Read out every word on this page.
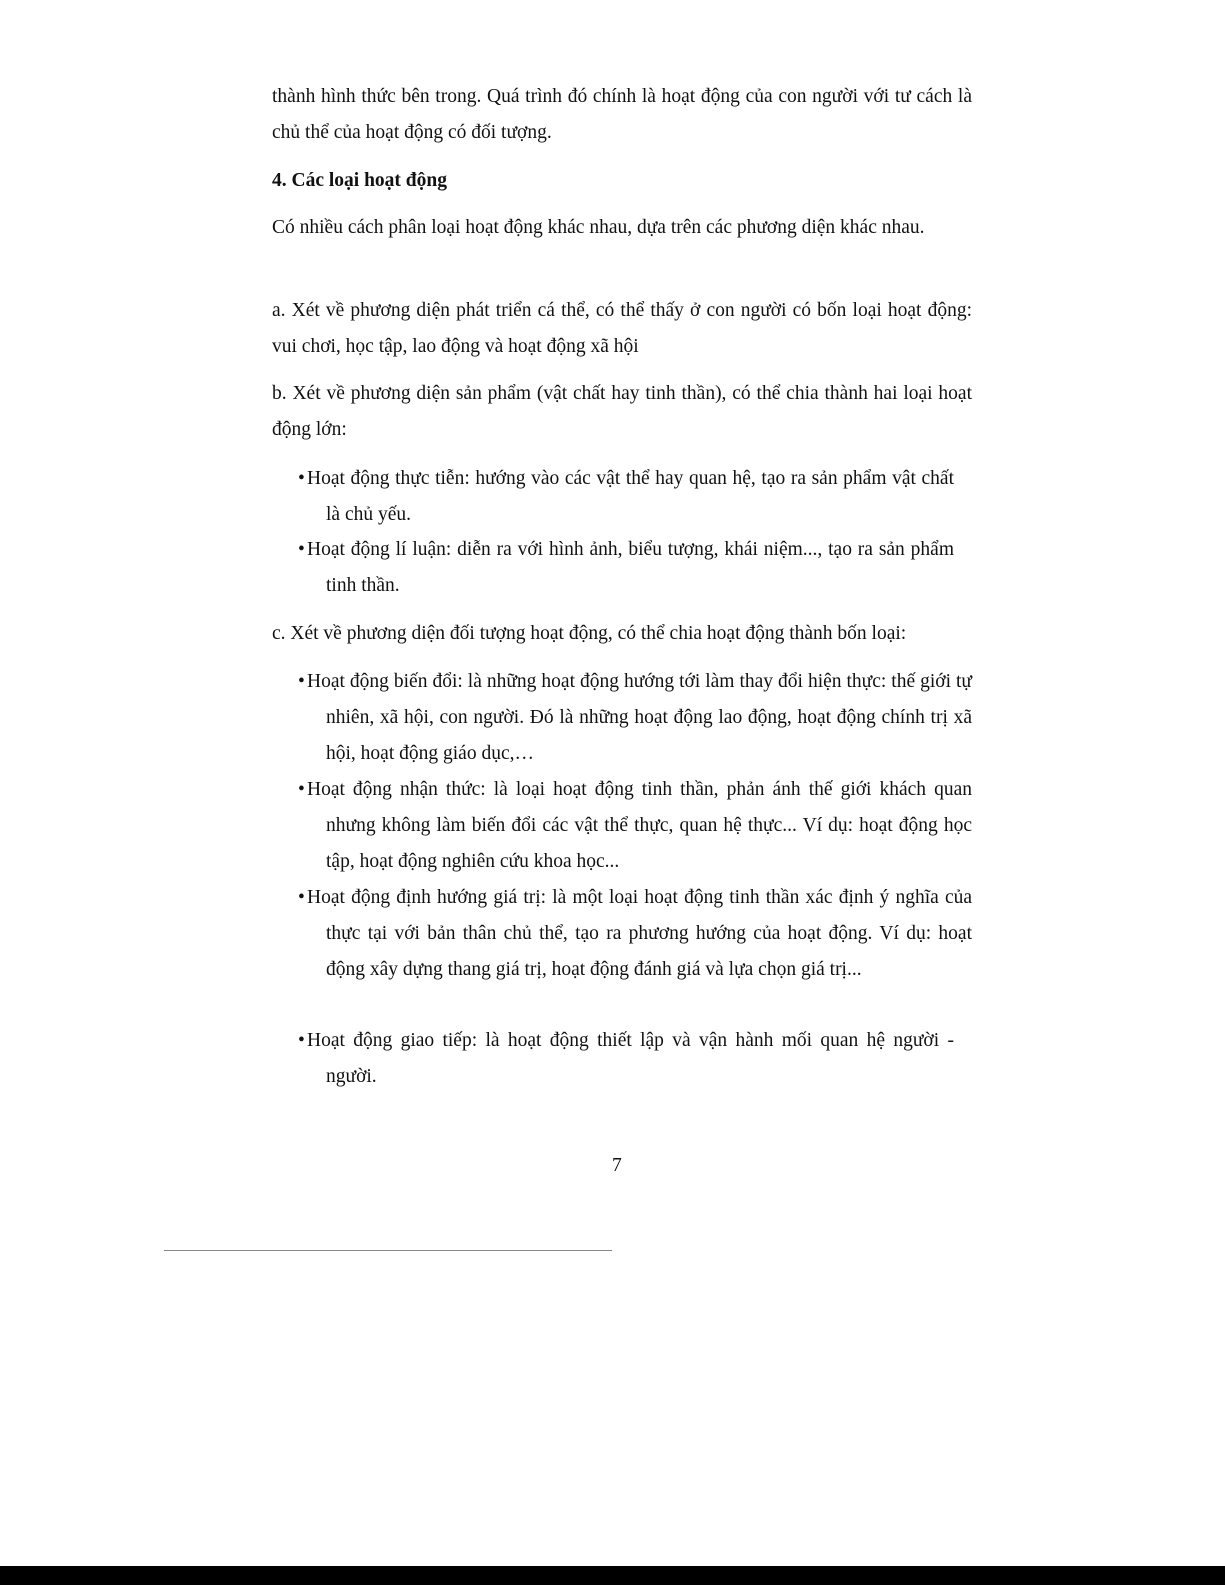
thành hình thức bên trong. Quá trình đó chính là hoạt động của con người với tư cách là chủ thể của hoạt động có đối tượng.
4. Các loại hoạt động
Có nhiều cách phân loại hoạt động khác nhau, dựa trên các phương diện khác nhau.
a. Xét về phương diện phát triển cá thể, có thể thấy ở con người có bốn loại hoạt động: vui chơi, học tập, lao động và hoạt động xã hội
b. Xét về phương diện sản phẩm (vật chất hay tinh thần), có thể chia thành hai loại hoạt động lớn:
• Hoạt động thực tiễn: hướng vào các vật thể hay quan hệ, tạo ra sản phẩm vật chất là chủ yếu.
• Hoạt động lí luận: diễn ra với hình ảnh, biểu tượng, khái niệm..., tạo ra sản phẩm tinh thần.
c. Xét về phương diện đối tượng hoạt động, có thể chia hoạt động thành bốn loại:
• Hoạt động biến đổi: là những hoạt động hướng tới làm thay đổi hiện thực: thế giới tự nhiên, xã hội, con người. Đó là những hoạt động lao động, hoạt động chính trị xã hội, hoạt động giáo dục,…
• Hoạt động nhận thức: là loại hoạt động tinh thần, phản ánh thế giới khách quan nhưng không làm biến đổi các vật thể thực, quan hệ thực... Ví dụ: hoạt động học tập, hoạt động nghiên cứu khoa học...
• Hoạt động định hướng giá trị: là một loại hoạt động tinh thần xác định ý nghĩa của thực tại với bản thân chủ thể, tạo ra phương hướng của hoạt động. Ví dụ: hoạt động xây dựng thang giá trị, hoạt động đánh giá và lựa chọn giá trị...
• Hoạt động giao tiếp: là hoạt động thiết lập và vận hành mối quan hệ người - người.
7
